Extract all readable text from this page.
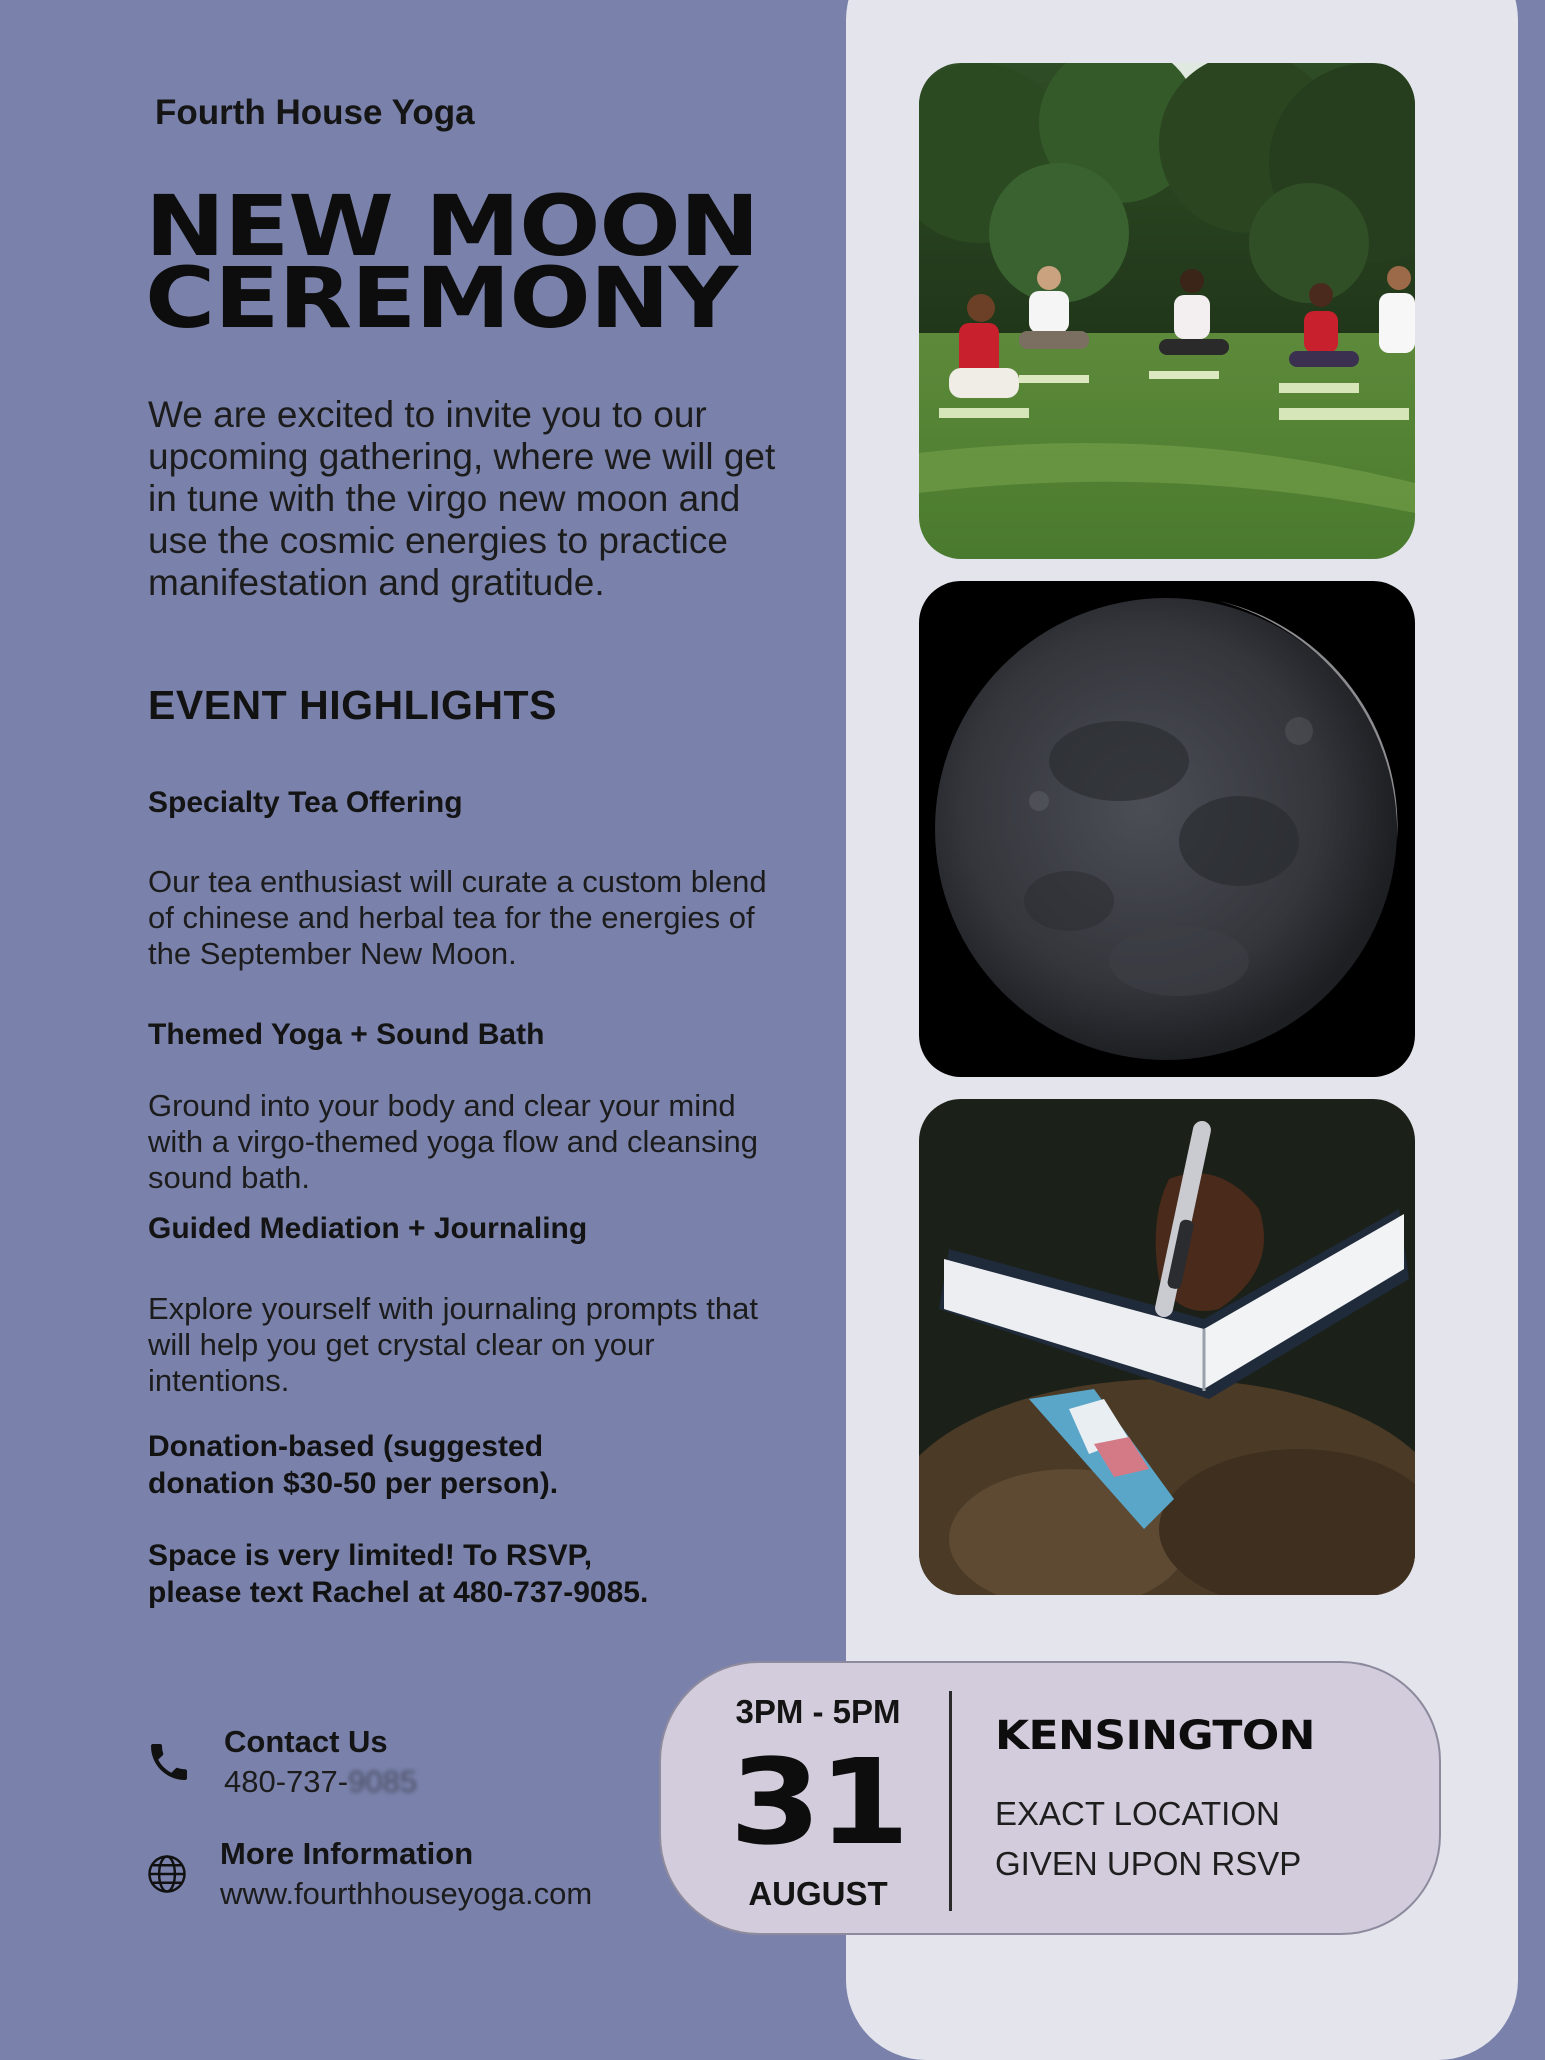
Fourth House Yoga
NEW MOON
CEREMONY
We are excited to invite you to our upcoming gathering, where we will get in tune with the virgo new moon and use the cosmic energies to practice manifestation and gratitude.
EVENT HIGHLIGHTS
Specialty Tea Offering
Our tea enthusiast will curate a custom blend of chinese and herbal tea for the energies of the September New Moon.
Themed Yoga + Sound Bath
Ground into your body and clear your mind with a virgo-themed yoga flow and cleansing sound bath.
Guided Mediation + Journaling
Explore yourself with journaling prompts that will help you get crystal clear on your intentions.
Donation-based (suggested donation $30-50 per person).
Space is very limited! To RSVP, please text Rachel at 480-737-9085.
Contact Us
480-737-9085
More Information
www.fourthhouseyoga.com
3PM - 5PM
31
AUGUST
KENSINGTON
EXACT LOCATION
GIVEN UPON RSVP
